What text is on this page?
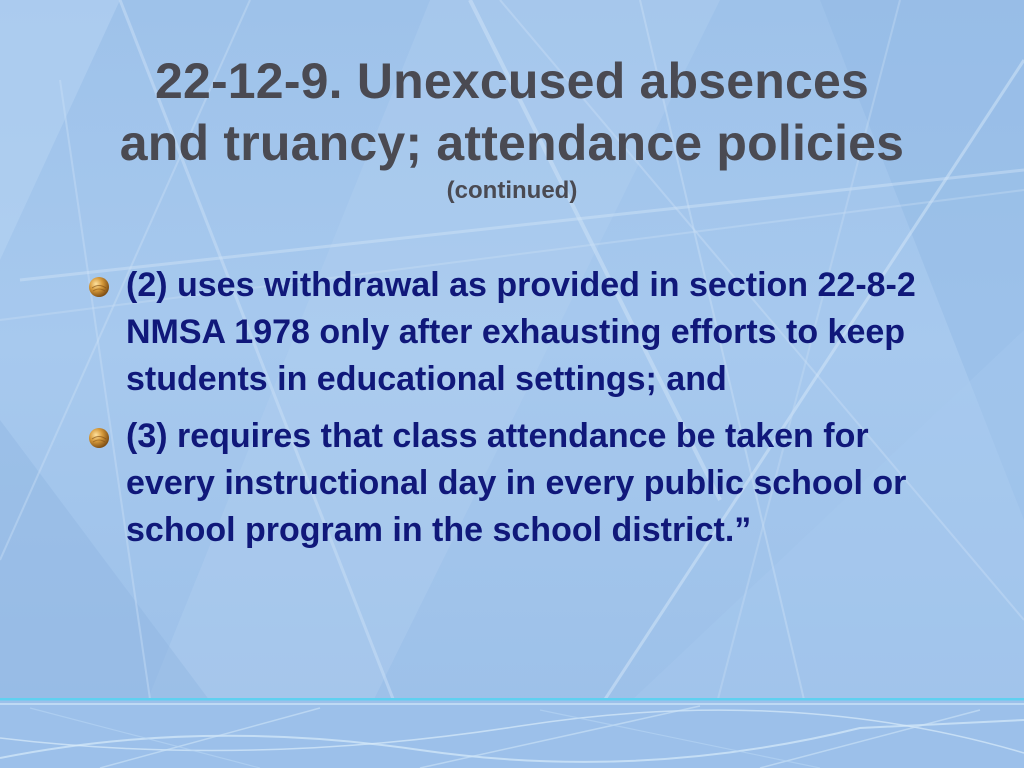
22-12-9. Unexcused absences
and truancy; attendance policies
(continued)
(2) uses withdrawal as provided in section 22-8-2 NMSA 1978 only after exhausting efforts to keep students in educational settings; and
(3) requires that class attendance be taken for every instructional day in every public school or school program in the school district.”
